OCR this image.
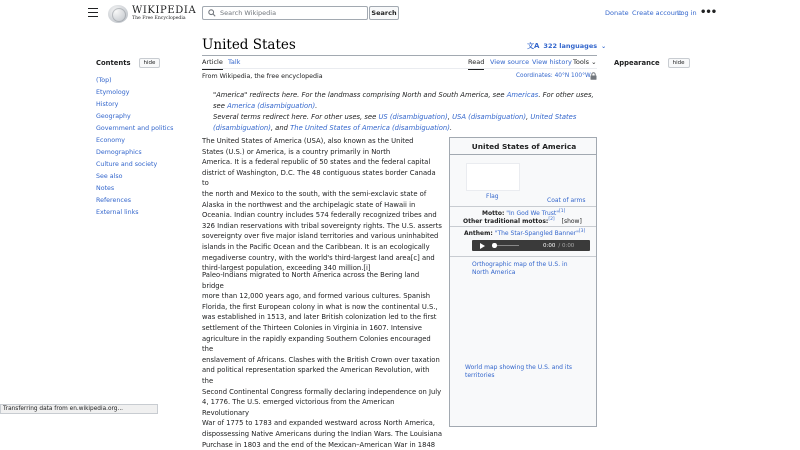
WIKIPEDIA
The Free Encyclopedia
Search Wikipedia
Search	Donate Create account
Log in •••
Contents	hide
(Top)
Etymology
History
Geography
Government and politics
Economy
Demographics
Culture and society
See also
Notes
References
External links
United States	文A 322 languages ⌄
Article Talk	Read View source View history Tools ⌄
From Wikipedia, the free encyclopedia	Coordinates: 40°N 100°W
"America" redirects here. For the landmass comprising North and South America, see Americas. For other uses, see America (disambiguation).
Several terms redirect here. For other uses, see US (disambiguation), USA (disambiguation), United States (disambiguation), and The United States of America (disambiguation).
The United States of America (USA), also known as the United
States (U.S.) or America, is a country primarily in North
America. It is a federal republic of 50 states and the federal capital
district of Washington, D.C. The 48 contiguous states border Canada to
the north and Mexico to the south, with the semi-exclavic state of
Alaska in the northwest and the archipelagic state of Hawaii in
Oceania. Indian country includes 574 federally recognized tribes and
326 Indian reservations with tribal sovereignty rights. The U.S. asserts
sovereignty over five major island territories and various uninhabited
islands in the Pacific Ocean and the Caribbean. It is an ecologically
megadiverse country, with the world's third-largest land area[c] and
third-largest population, exceeding 340 million.[i]
Paleo-Indians migrated to North America across the Bering land bridge
more than 12,000 years ago, and formed various cultures. Spanish
Florida, the first European colony in what is now the continental U.S.,
was established in 1513, and later British colonization led to the first
settlement of the Thirteen Colonies in Virginia in 1607. Intensive
agriculture in the rapidly expanding Southern Colonies encouraged the
enslavement of Africans. Clashes with the British Crown over taxation
and political representation sparked the American Revolution, with the
Second Continental Congress formally declaring independence on July
4, 1776. The U.S. emerged victorious from the American Revolutionary
War of 1775 to 1783 and expanded westward across North America,
dispossessing Native Americans during the Indian Wars. The Louisiana
Purchase in 1803 and the end of the Mexican–American War in 1848
United States of America
Flag
Coat of arms
Motto: "In God We Trust"[1]
Other traditional mottos:[2] [show]
Anthem: "The Star-Spangled Banner"[3]
0:00 / 0:00
Orthographic map of the U.S. in North America
World map showing the U.S. and its territories
Appearance	hide
Transferring data from en.wikipedia.org...
